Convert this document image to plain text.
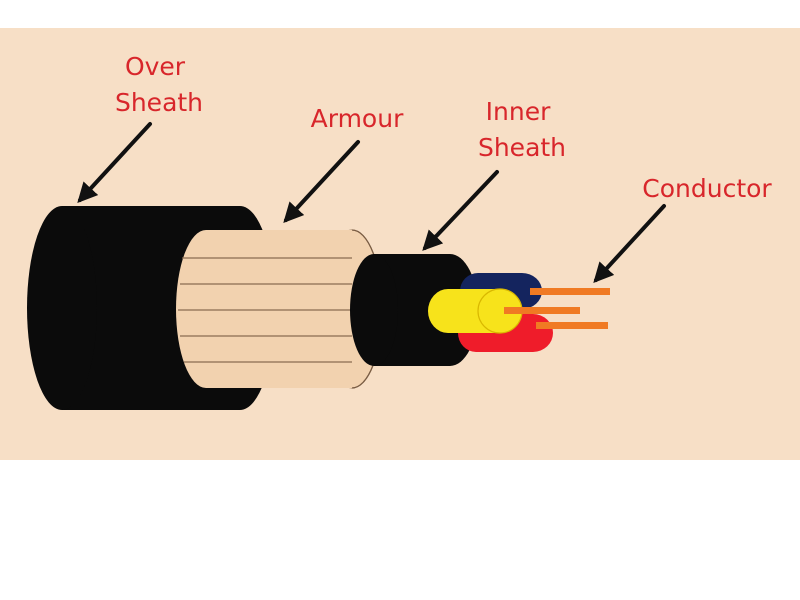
Over Sheath
Armour	Inner Sheath
Conductor
